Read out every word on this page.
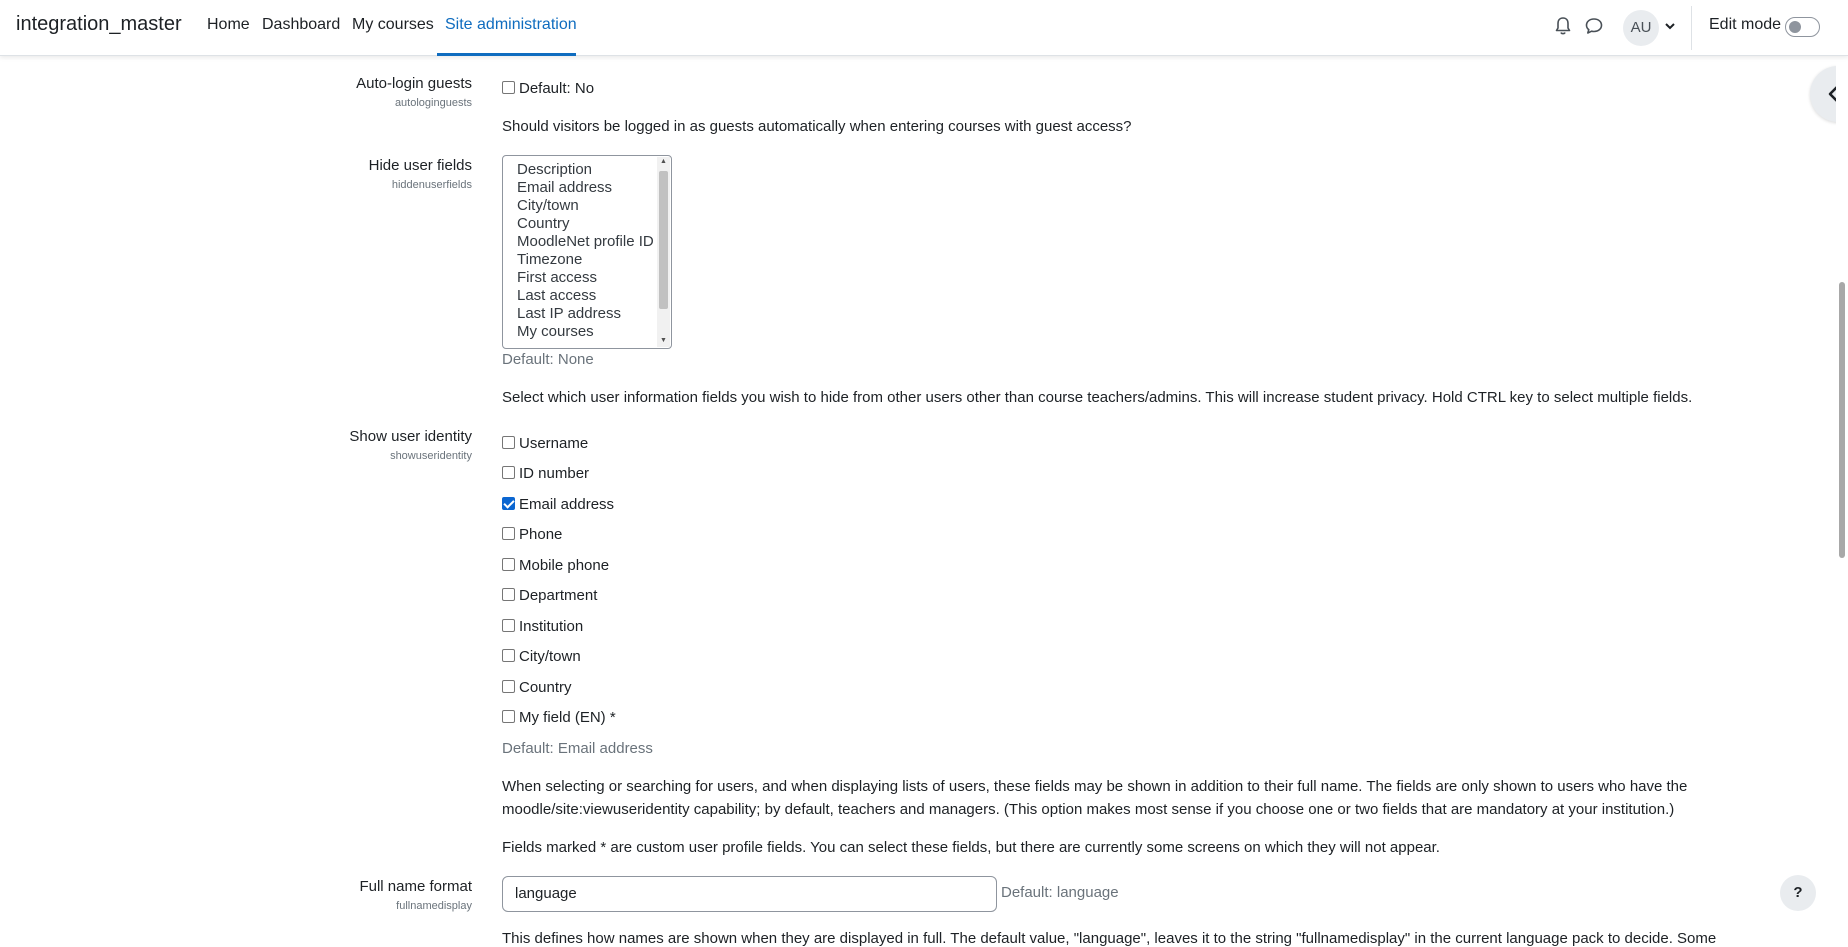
integration_master Home Dashboard My courses Site administration	AU	Edit mode
Auto-login guests
autologinguests
Default: No
Should visitors be logged in as guests automatically when entering courses with guest access?
Hide user fields
hiddenuserfields
Description
Email address
City/town
Country
MoodleNet profile ID
Timezone
First access
Last access
Last IP address
My courses
▲
▼
Default: None
Select which user information fields you wish to hide from other users other than course teachers/admins. This will increase student privacy. Hold CTRL key to select multiple fields.
Show user identity
showuseridentity
Username
ID number
Email address
Phone
Mobile phone
Department
Institution
City/town
Country
My field (EN) *
Default: Email address
When selecting or searching for users, and when displaying lists of users, these fields may be shown in addition to their full name. The fields are only shown to users who have the
moodle/site:viewuseridentity capability; by default, teachers and managers. (This option makes most sense if you choose one or two fields that are mandatory at your institution.)
Fields marked * are custom user profile fields. You can select these fields, but there are currently some screens on which they will not appear.
Full name format
fullnamedisplay
language	Default: language
This defines how names are shown when they are displayed in full. The default value, "language", leaves it to the string "fullnamedisplay" in the current language pack to decide. Some
?
